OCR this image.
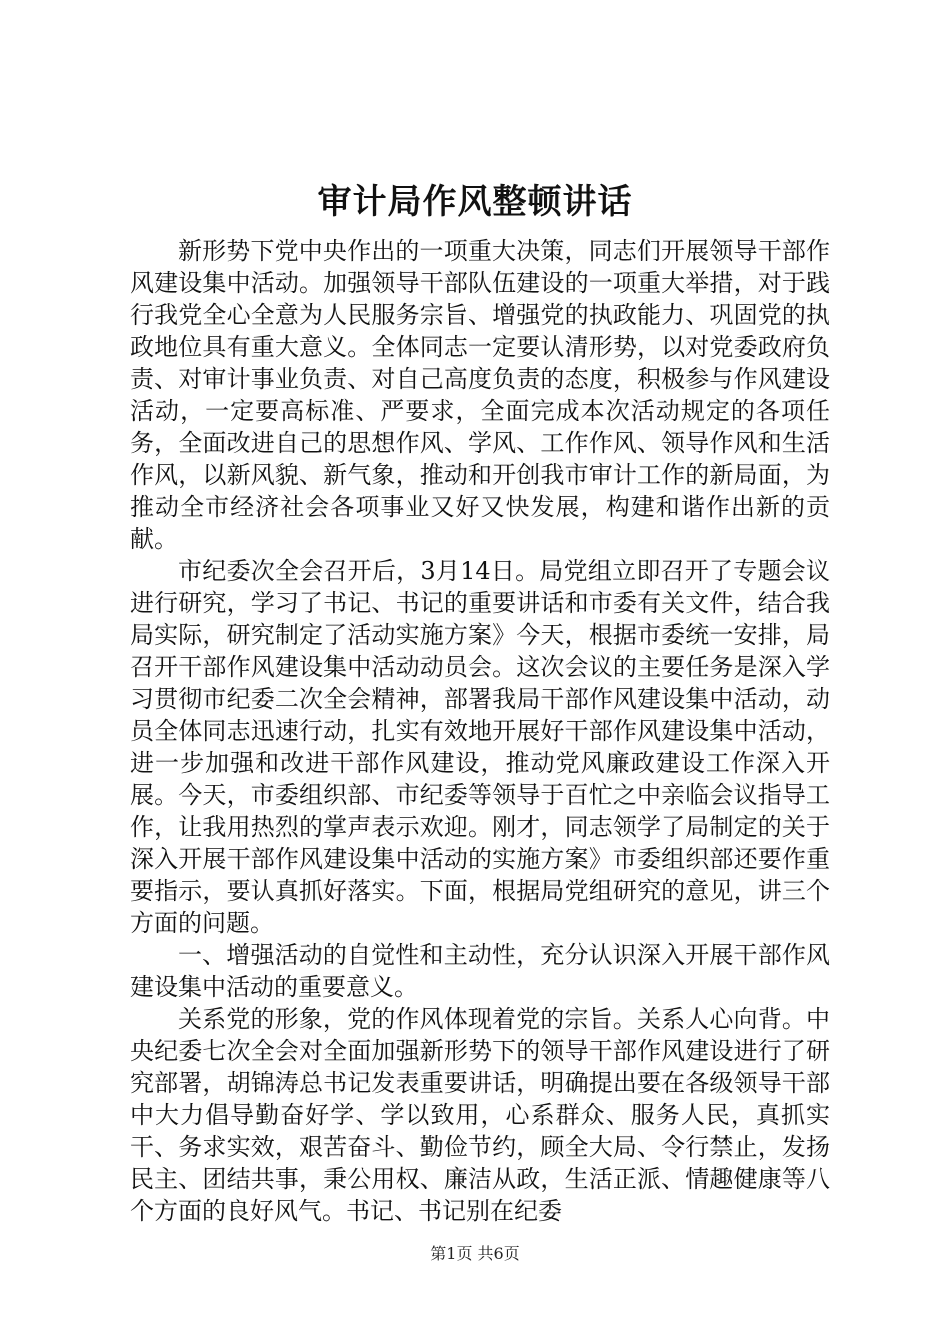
审计局作风整顿讲话

新形势下党中央作出的一项重大决策，同志们开展领导干部作风建设集中活动。加强领导干部队伍建设的一项重大举措，对于践行我党全心全意为人民服务宗旨、增强党的执政能力、巩固党的执政地位具有重大意义。全体同志一定要认清形势，以对党委政府负责、对审计事业负责、对自己高度负责的态度，积极参与作风建设活动，一定要高标准、严要求，全面完成本次活动规定的各项任务，全面改进自己的思想作风、学风、工作作风、领导作风和生活作风，以新风貌、新气象，推动和开创我市审计工作的新局面，为推动全市经济社会各项事业又好又快发展，构建和谐作出新的贡献。

市纪委次全会召开后，3月14日。局党组立即召开了专题会议进行研究，学习了书记、书记的重要讲话和市委有关文件，结合我局实际，研究制定了活动实施方案》今天，根据市委统一安排，局召开干部作风建设集中活动动员会。这次会议的主要任务是深入学习贯彻市纪委二次全会精神，部署我局干部作风建设集中活动，动员全体同志迅速行动，扎实有效地开展好干部作风建设集中活动，进一步加强和改进干部作风建设，推动党风廉政建设工作深入开展。今天，市委组织部、市纪委等领导于百忙之中亲临会议指导工作，让我用热烈的掌声表示欢迎。刚才，同志领学了局制定的关于深入开展干部作风建设集中活动的实施方案》市委组织部还要作重要指示，要认真抓好落实。下面，根据局党组研究的意见，讲三个方面的问题。

一、增强活动的自觉性和主动性，充分认识深入开展干部作风建设集中活动的重要意义。

关系党的形象，党的作风体现着党的宗旨。关系人心向背。中央纪委七次全会对全面加强新形势下的领导干部作风建设进行了研究部署，胡锦涛总书记发表重要讲话，明确提出要在各级领导干部中大力倡导勤奋好学、学以致用，心系群众、服务人民，真抓实干、务求实效，艰苦奋斗、勤俭节约，顾全大局、令行禁止，发扬民主、团结共事，秉公用权、廉洁从政，生活正派、情趣健康等八个方面的良好风气。书记、书记别在纪委

第1页 共6页
